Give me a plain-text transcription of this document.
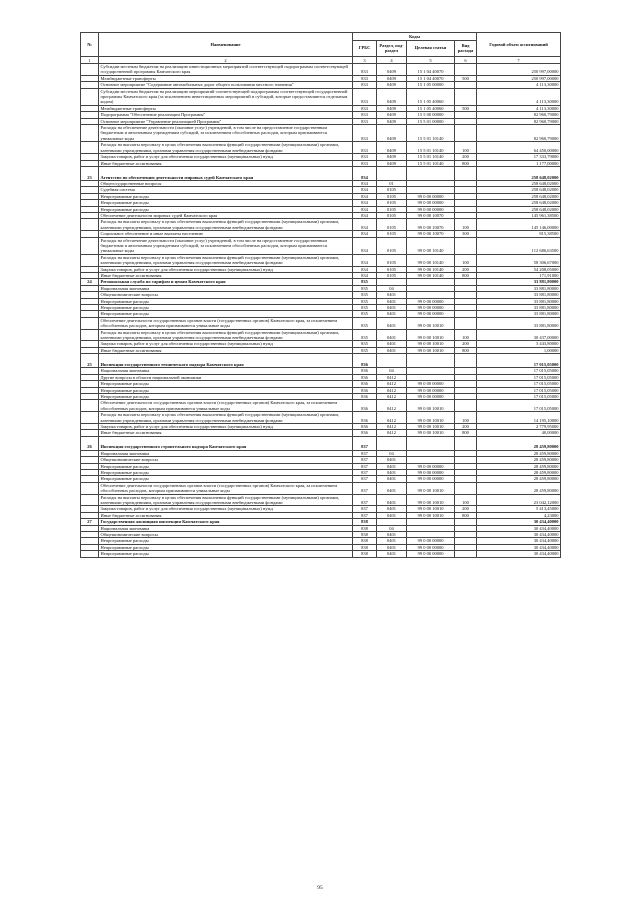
№	Наименование	Коды				Годовой объем ассигнований
		ГРБС	Раздел, под-раздел	Целевая статья	Вид расхода	
1	2	3	4	5	6	7
	Субсидии местным бюджетам на реализацию инвестиционных мероприятий соответствующей подпрограммы соответствующей государственной программы Камчатского края	833	0409	15 1 04 40070		250 997,00000
	Межбюджетные трансферты	833	0409	15 1 04 40070	500	250 997,00000
	Основное мероприятие "Содержание автомобильных дорог общего пользования местного значения"	833	0409	15 1 05 00000		4 113,30000
	Субсидии местным бюджетам на реализацию мероприятий соответствующей подпрограммы соответствующей государственной программы Камчатского края (за исключением инвестиционных мероприятий и субсидий, которые предоставляются отдельным кодом)	833	0409	15 1 05 40060		4 113,30000
	Межбюджетные трансферты	833	0409	15 1 05 40060	500	4 113,30000
	Подпрограмма "Обеспечение реализации Программы"	833	0409	15 5 00 00000		82 960,79000
	Основное мероприятие "Управление реализацией Программы"	833	0409	15 5 01 00000		82 960,79000
	Расходы на обеспечение деятельности (оказание услуг) учреждений, в том числе на предоставление государственным бюджетным и автономным учреждениям субсидий, за исключением обособленных расходов, которым присваиваются уникальные коды	833	0409	15 5 01 10140		82 960,79000
	Расходы на выплаты персоналу в целях обеспечения выполнения функций государственными (муниципальными) органами, казенными учреждениями, органами управления государственными внебюджетными фондами	833	0409	15 5 01 10140	100	64 450,00000
	Закупка товаров, работ и услуг для обеспечения государственных (муниципальных) нужд	833	0409	15 5 01 10140	200	17 333,79000
	Иные бюджетные ассигнования	833	0409	15 5 01 10140	800	1 177,00000
23	Агентство по обеспечению деятельности мировых судей Камчатского края	834				258 648,02000
	Общегосударственные вопросы	834	01			258 648,02000
	Судебная система	834	0105			258 648,02000
	Непрограммные расходы	834	0105	99 0 00 00000		258 648,02000
	Непрограммные расходы	834	0105	99 0 00 00000		258 648,02000
	Непрограммные расходы	834	0105	99 0 00 00000		258 648,02000
	Обеспечение деятельности мировых судей Камчатского края	834	0105	99 0 00 10070		145 961,38500
	Расходы на выплаты персоналу в целях обеспечения выполнения функций государственными (муниципальными) органами, казенными учреждениями, органами управления государственными внебюджетными фондами	834	0105	99 0 00 10070	100	145 146,00000
	Социальное обеспечение и иные выплаты населению	834	0105	99 0 00 10070	300	815,38500
	Расходы на обеспечение деятельности (оказание услуг) учреждений, в том числе на предоставление государственным бюджетным и автономным учреждениям субсидий, за исключением обособленных расходов, которым присваиваются уникальные коды	834	0105	99 0 00 10140		112 686,63500
	Расходы на выплаты персоналу в целях обеспечения выполнения функций государственными (муниципальными) органами, казенными учреждениями, органами управления государственными внебюджетными фондами	834	0105	99 0 00 10140	100	58 306,67000
	Закупка товаров, работ и услуг для обеспечения государственных (муниципальных) нужд	834	0105	99 0 00 10140	200	54 208,05000
	Иные бюджетные ассигнования	834	0105	99 0 00 10140	800	171,91000
24	Региональная служба по тарифам и ценам Камчатского края	835				33 881,80000
	Национальная экономика	835	04			33 881,80000
	Общеэкономические вопросы	835	0401			33 881,80000
	Непрограммные расходы	835	0401	99 0 00 00000		33 881,80000
	Непрограммные расходы	835	0401	99 0 00 00000		33 881,80000
	Непрограммные расходы	835	0401	99 0 00 00000		33 881,80000
	Обеспечение деятельности государственных органов власти (государственных органов) Камчатского края, за исключением обособленных расходов, которым присваиваются уникальные коды	835	0401	99 0 00 10010		33 881,80000
	Расходы на выплаты персоналу в целях обеспечения выполнения функций государственными (муниципальными) органами, казенными учреждениями, органами управления государственными внебюджетными фондами	835	0401	99 0 00 10010	100	30 437,00000
	Закупка товаров, работ и услуг для обеспечения государственных (муниципальных) нужд	835	0401	99 0 00 10010	200	3 443,80000
	Иные бюджетные ассигнования	835	0401	99 0 00 10010	800	1,00000
25	Инспекция государственного технического надзора Камчатского края	836				17 015,05000
	Национальная экономика	836	04			17 015,05000
	Другие вопросы в области национальной экономики	836	0412			17 015,05000
	Непрограммные расходы	836	0412	99 0 00 00000		17 015,05000
	Непрограммные расходы	836	0412	99 0 00 00000		17 015,05000
	Непрограммные расходы	836	0412	99 0 00 00000		17 015,05000
	Обеспечение деятельности государственных органов власти (государственных органов) Камчатского края, за исключением обособленных расходов, которым присваиваются уникальные коды	836	0412	99 0 00 10010		17 015,05000
	Расходы на выплаты персоналу в целях обеспечения выполнения функций государственными (муниципальными) органами, казенными учреждениями, органами управления государственными внебюджетными фондами	836	0412	99 0 00 10010	100	14 195,10000
	Закупка товаров, работ и услуг для обеспечения государственных (муниципальных) нужд	836	0412	99 0 00 10010	200	2 779,95000
	Иные бюджетные ассигнования	836	0412	99 0 00 10010	800	40,00000
26	Инспекция государственного строительного надзора Камчатского края	837				28 459,80000
	Национальная экономика	837	04			28 459,80000
	Общеэкономические вопросы	837	0401			28 459,80000
	Непрограммные расходы	837	0401	99 0 00 00000		28 459,80000
	Непрограммные расходы	837	0401	99 0 00 00000		28 459,80000
	Непрограммные расходы	837	0401	99 0 00 00000		28 459,80000
	Обеспечение деятельности государственных органов власти (государственных органов) Камчатского края, за исключением обособленных расходов, которым присваиваются уникальные коды	837	0401	99 0 00 10010		28 459,80000
	Расходы на выплаты персоналу в целях обеспечения выполнения функций государственными (муниципальными) органами, казенными учреждениями, органами управления государственными внебюджетными фондами	837	0401	99 0 00 10010	100	23 042,12000
	Закупка товаров, работ и услуг для обеспечения государственных (муниципальных) нужд	837	0401	99 0 00 10010	200	5 413,45000
	Иные бюджетные ассигнования	837	0401	99 0 00 10010	800	4,23000
27	Государственная жилищная инспекция Камчатского края	838				30 434,40000
	Национальная экономика	838	04			30 434,40000
	Общеэкономические вопросы	838	0401			30 434,40000
	Непрограммные расходы	838	0401	99 0 00 00000		30 434,40000
	Непрограммные расходы	838	0401	99 0 00 00000		30 434,40000
	Непрограммные расходы	838	0401	99 0 00 00000		30 434,40000
95
